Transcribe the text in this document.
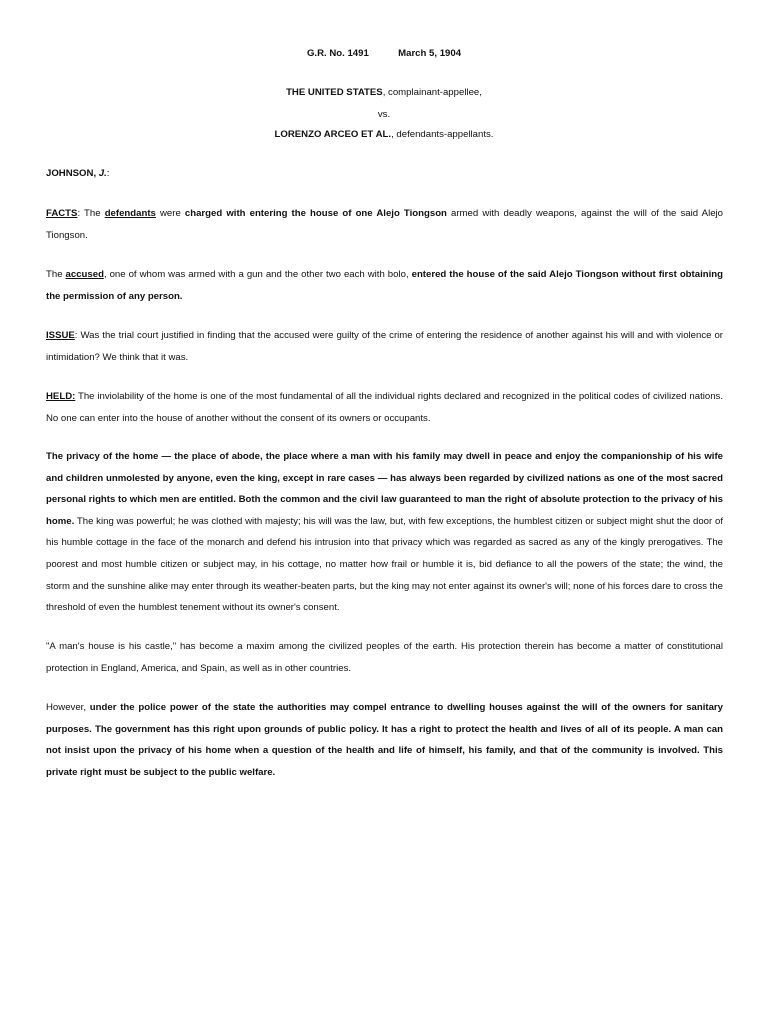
G.R. No. 1491	March 5, 1904
THE UNITED STATES, complainant-appellee,
vs.
LORENZO ARCEO ET AL., defendants-appellants.
JOHNSON, J.:

FACTS: The defendants were charged with entering the house of one Alejo Tiongson armed with deadly weapons, against the will of the said Alejo Tiongson.

The accused, one of whom was armed with a gun and the other two each with bolo, entered the house of the said Alejo Tiongson without first obtaining the permission of any person.

ISSUE: Was the trial court justified in finding that the accused were guilty of the crime of entering the residence of another against his will and with violence or intimidation? We think that it was.

HELD: The inviolability of the home is one of the most fundamental of all the individual rights declared and recognized in the political codes of civilized nations. No one can enter into the house of another without the consent of its owners or occupants.

The privacy of the home — the place of abode, the place where a man with his family may dwell in peace and enjoy the companionship of his wife and children unmolested by anyone, even the king, except in rare cases — has always been regarded by civilized nations as one of the most sacred personal rights to which men are entitled. Both the common and the civil law guaranteed to man the right of absolute protection to the privacy of his home. The king was powerful; he was clothed with majesty; his will was the law, but, with few exceptions, the humblest citizen or subject might shut the door of his humble cottage in the face of the monarch and defend his intrusion into that privacy which was regarded as sacred as any of the kingly prerogatives. The poorest and most humble citizen or subject may, in his cottage, no matter how frail or humble it is, bid defiance to all the powers of the state; the wind, the storm and the sunshine alike may enter through its weather-beaten parts, but the king may not enter against its owner's will; none of his forces dare to cross the threshold of even the humblest tenement without its owner's consent.

"A man's house is his castle," has become a maxim among the civilized peoples of the earth. His protection therein has become a matter of constitutional protection in England, America, and Spain, as well as in other countries.

However, under the police power of the state the authorities may compel entrance to dwelling houses against the will of the owners for sanitary purposes. The government has this right upon grounds of public policy. It has a right to protect the health and lives of all of its people. A man can not insist upon the privacy of his home when a question of the health and life of himself, his family, and that of the community is involved. This private right must be subject to the public welfare.
